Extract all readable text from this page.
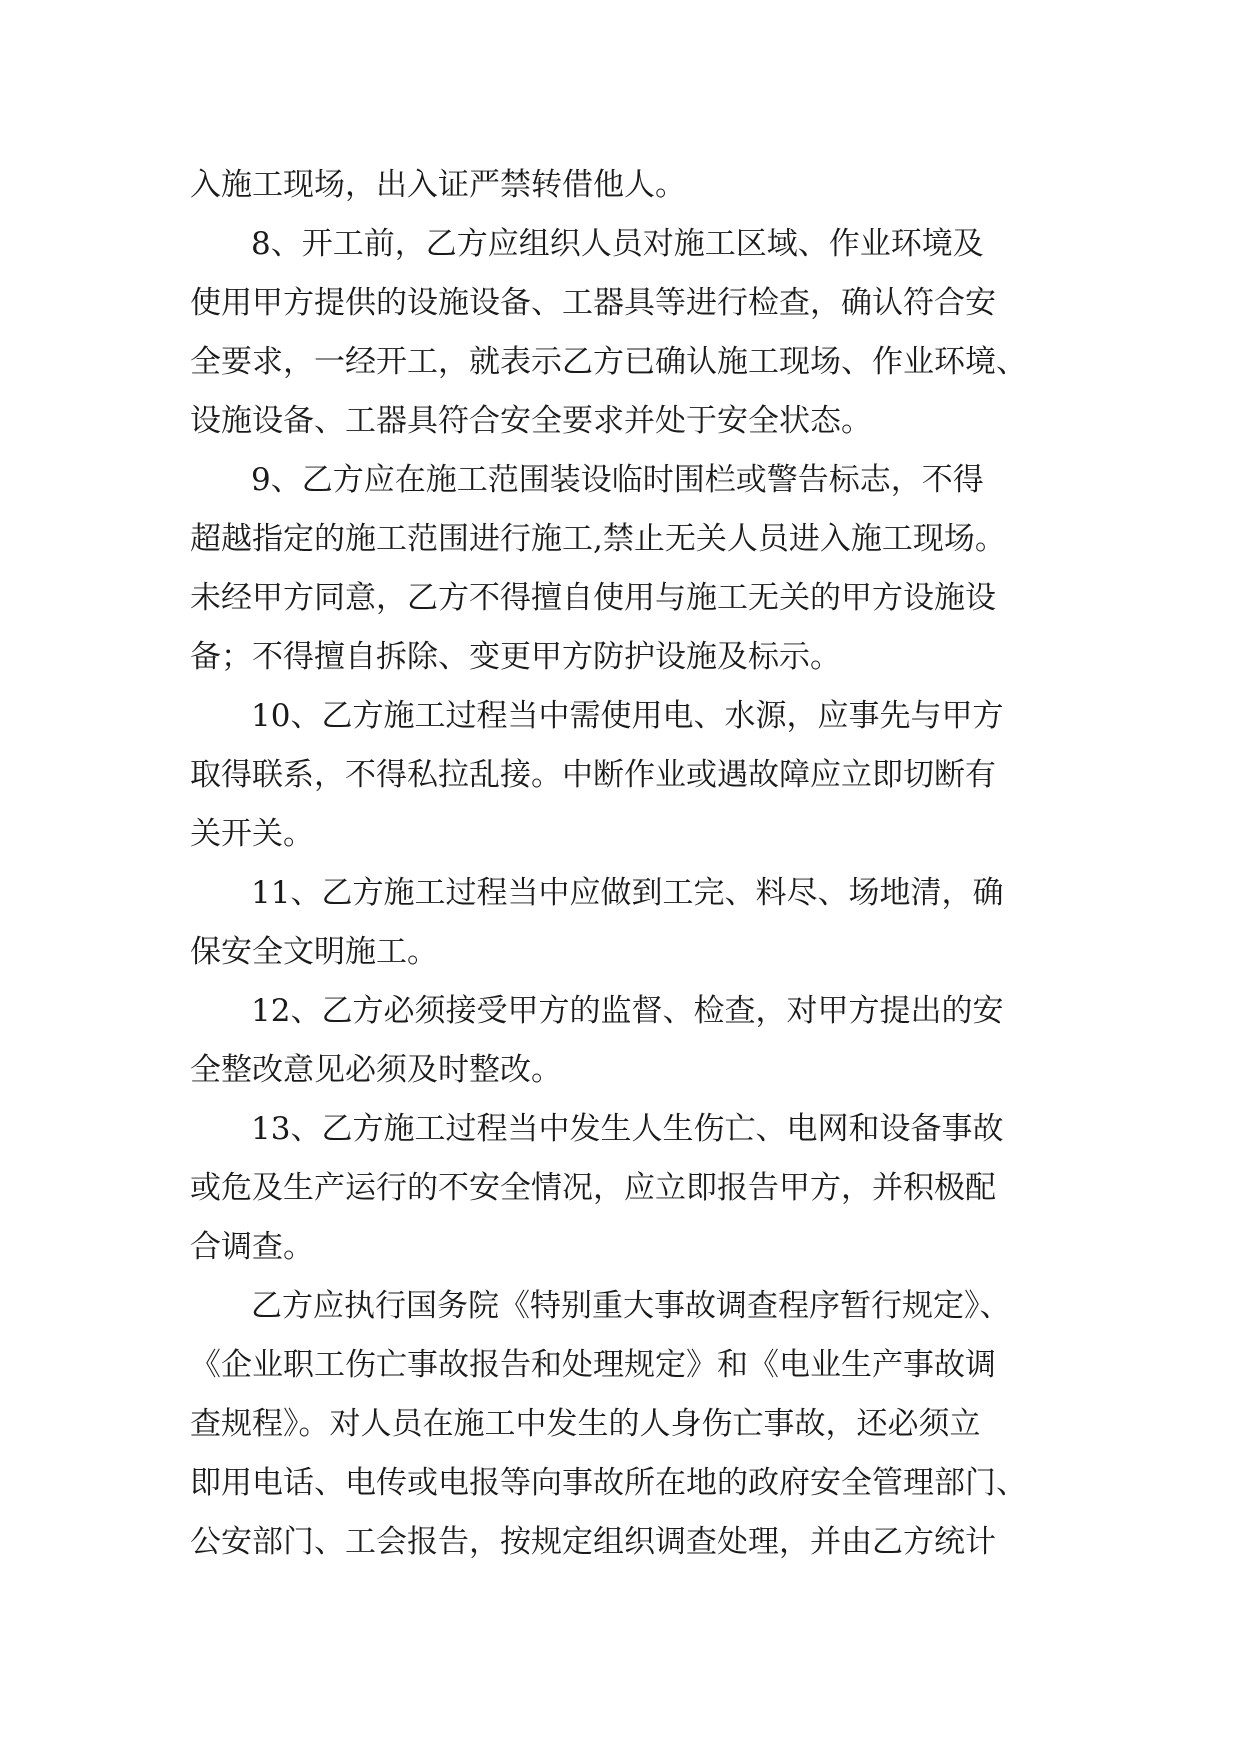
入施工现场，出入证严禁转借他人。
8、开工前，乙方应组织人员对施工区域、作业环境及
使用甲方提供的设施设备、工器具等进行检查，确认符合安
全要求，一经开工，就表示乙方已确认施工现场、作业环境、
设施设备、工器具符合安全要求并处于安全状态。
9、乙方应在施工范围装设临时围栏或警告标志，不得
超越指定的施工范围进行施工,禁止无关人员进入施工现场。
未经甲方同意，乙方不得擅自使用与施工无关的甲方设施设
备；不得擅自拆除、变更甲方防护设施及标示。
10、乙方施工过程当中需使用电、水源，应事先与甲方
取得联系，不得私拉乱接。中断作业或遇故障应立即切断有
关开关。
11、乙方施工过程当中应做到工完、料尽、场地清，确
保安全文明施工。
12、乙方必须接受甲方的监督、检查，对甲方提出的安
全整改意见必须及时整改。
13、乙方施工过程当中发生人生伤亡、电网和设备事故
或危及生产运行的不安全情况，应立即报告甲方，并积极配
合调查。
乙方应执行国务院《特别重大事故调查程序暂行规定》、
《企业职工伤亡事故报告和处理规定》和《电业生产事故调
查规程》。对人员在施工中发生的人身伤亡事故，还必须立
即用电话、电传或电报等向事故所在地的政府安全管理部门、
公安部门、工会报告，按规定组织调查处理，并由乙方统计
